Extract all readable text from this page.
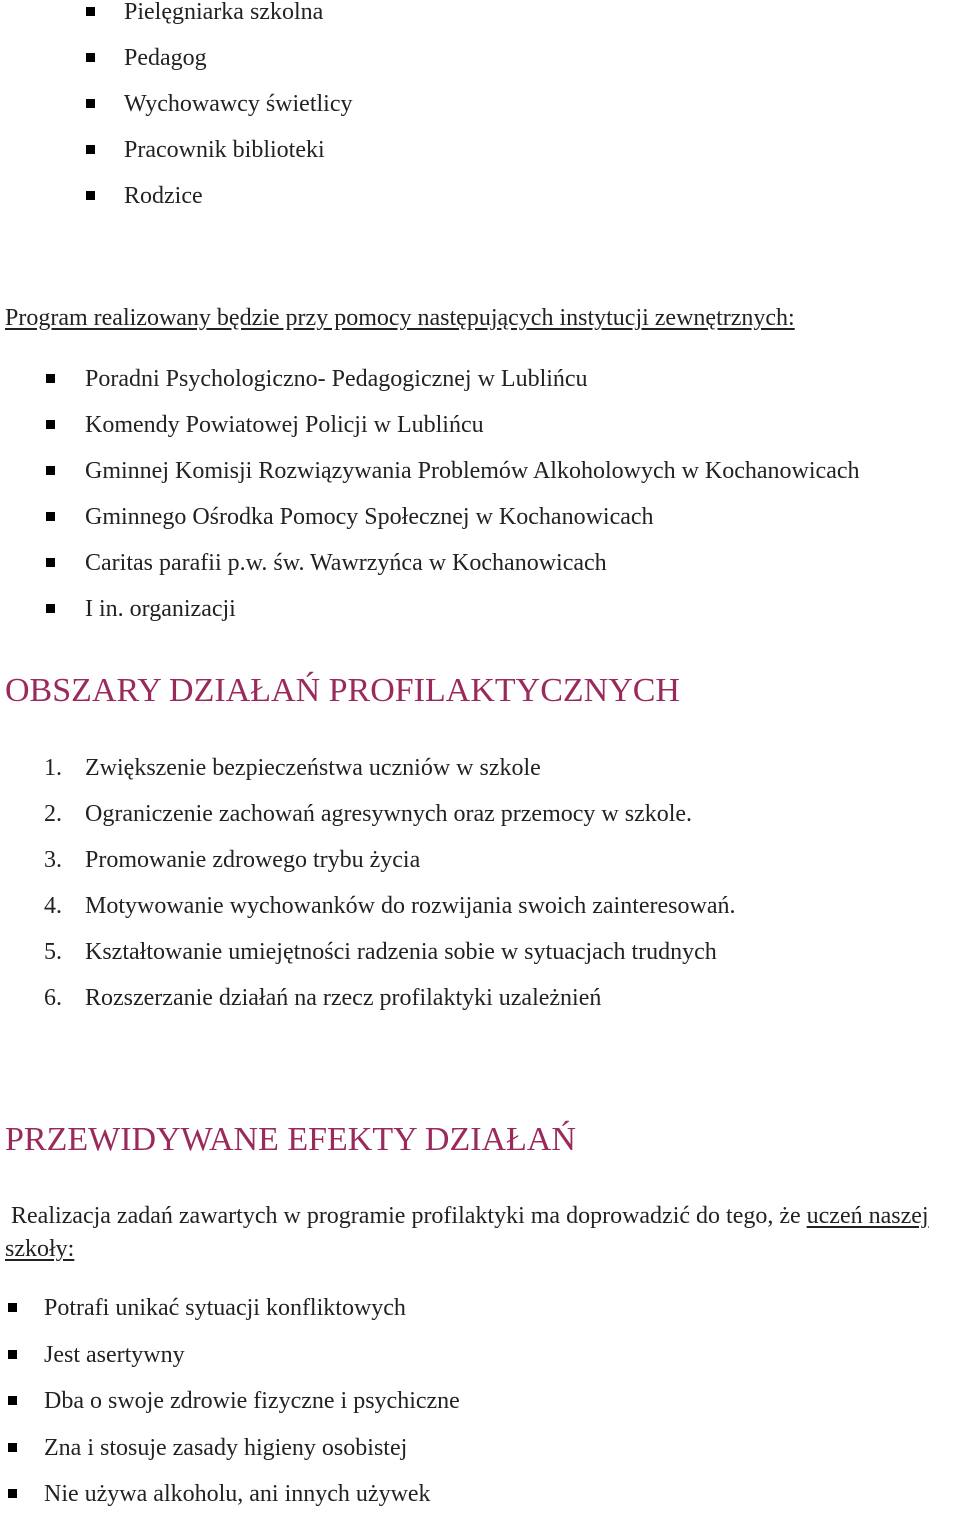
Pielęgniarka szkolna
Pedagog
Wychowawcy świetlicy
Pracownik biblioteki
Rodzice

Program realizowany będzie przy pomocy następujących instytucji zewnętrznych:

Poradni Psychologiczno- Pedagogicznej w Lublińcu
Komendy Powiatowej Policji w Lublińcu
Gminnej Komisji Rozwiązywania Problemów Alkoholowych w Kochanowicach
Gminnego Ośrodka Pomocy Społecznej w Kochanowicach
Caritas parafii p.w. św. Wawrzyńca w Kochanowicach
I in. organizacji
OBSZARY DZIAŁAŃ PROFILAKTYCZNYCH
1. Zwiększenie bezpieczeństwa uczniów w szkole
2. Ograniczenie zachowań agresywnych oraz przemocy w szkole.
3. Promowanie zdrowego trybu życia
4. Motywowanie wychowanków do rozwijania swoich zainteresowań.
5. Kształtowanie umiejętności radzenia sobie w sytuacjach trudnych
6. Rozszerzanie działań na rzecz profilaktyki uzależnień
PRZEWIDYWANE EFEKTY DZIAŁAŃ

Realizacja zadań zawartych w programie profilaktyki ma doprowadzić do tego, że uczeń naszej szkoły:

Potrafi unikać sytuacji konfliktowych
Jest asertywny
Dba o swoje zdrowie fizyczne i psychiczne
Zna i stosuje zasady higieny osobistej
Nie używa alkoholu, ani innych używek
